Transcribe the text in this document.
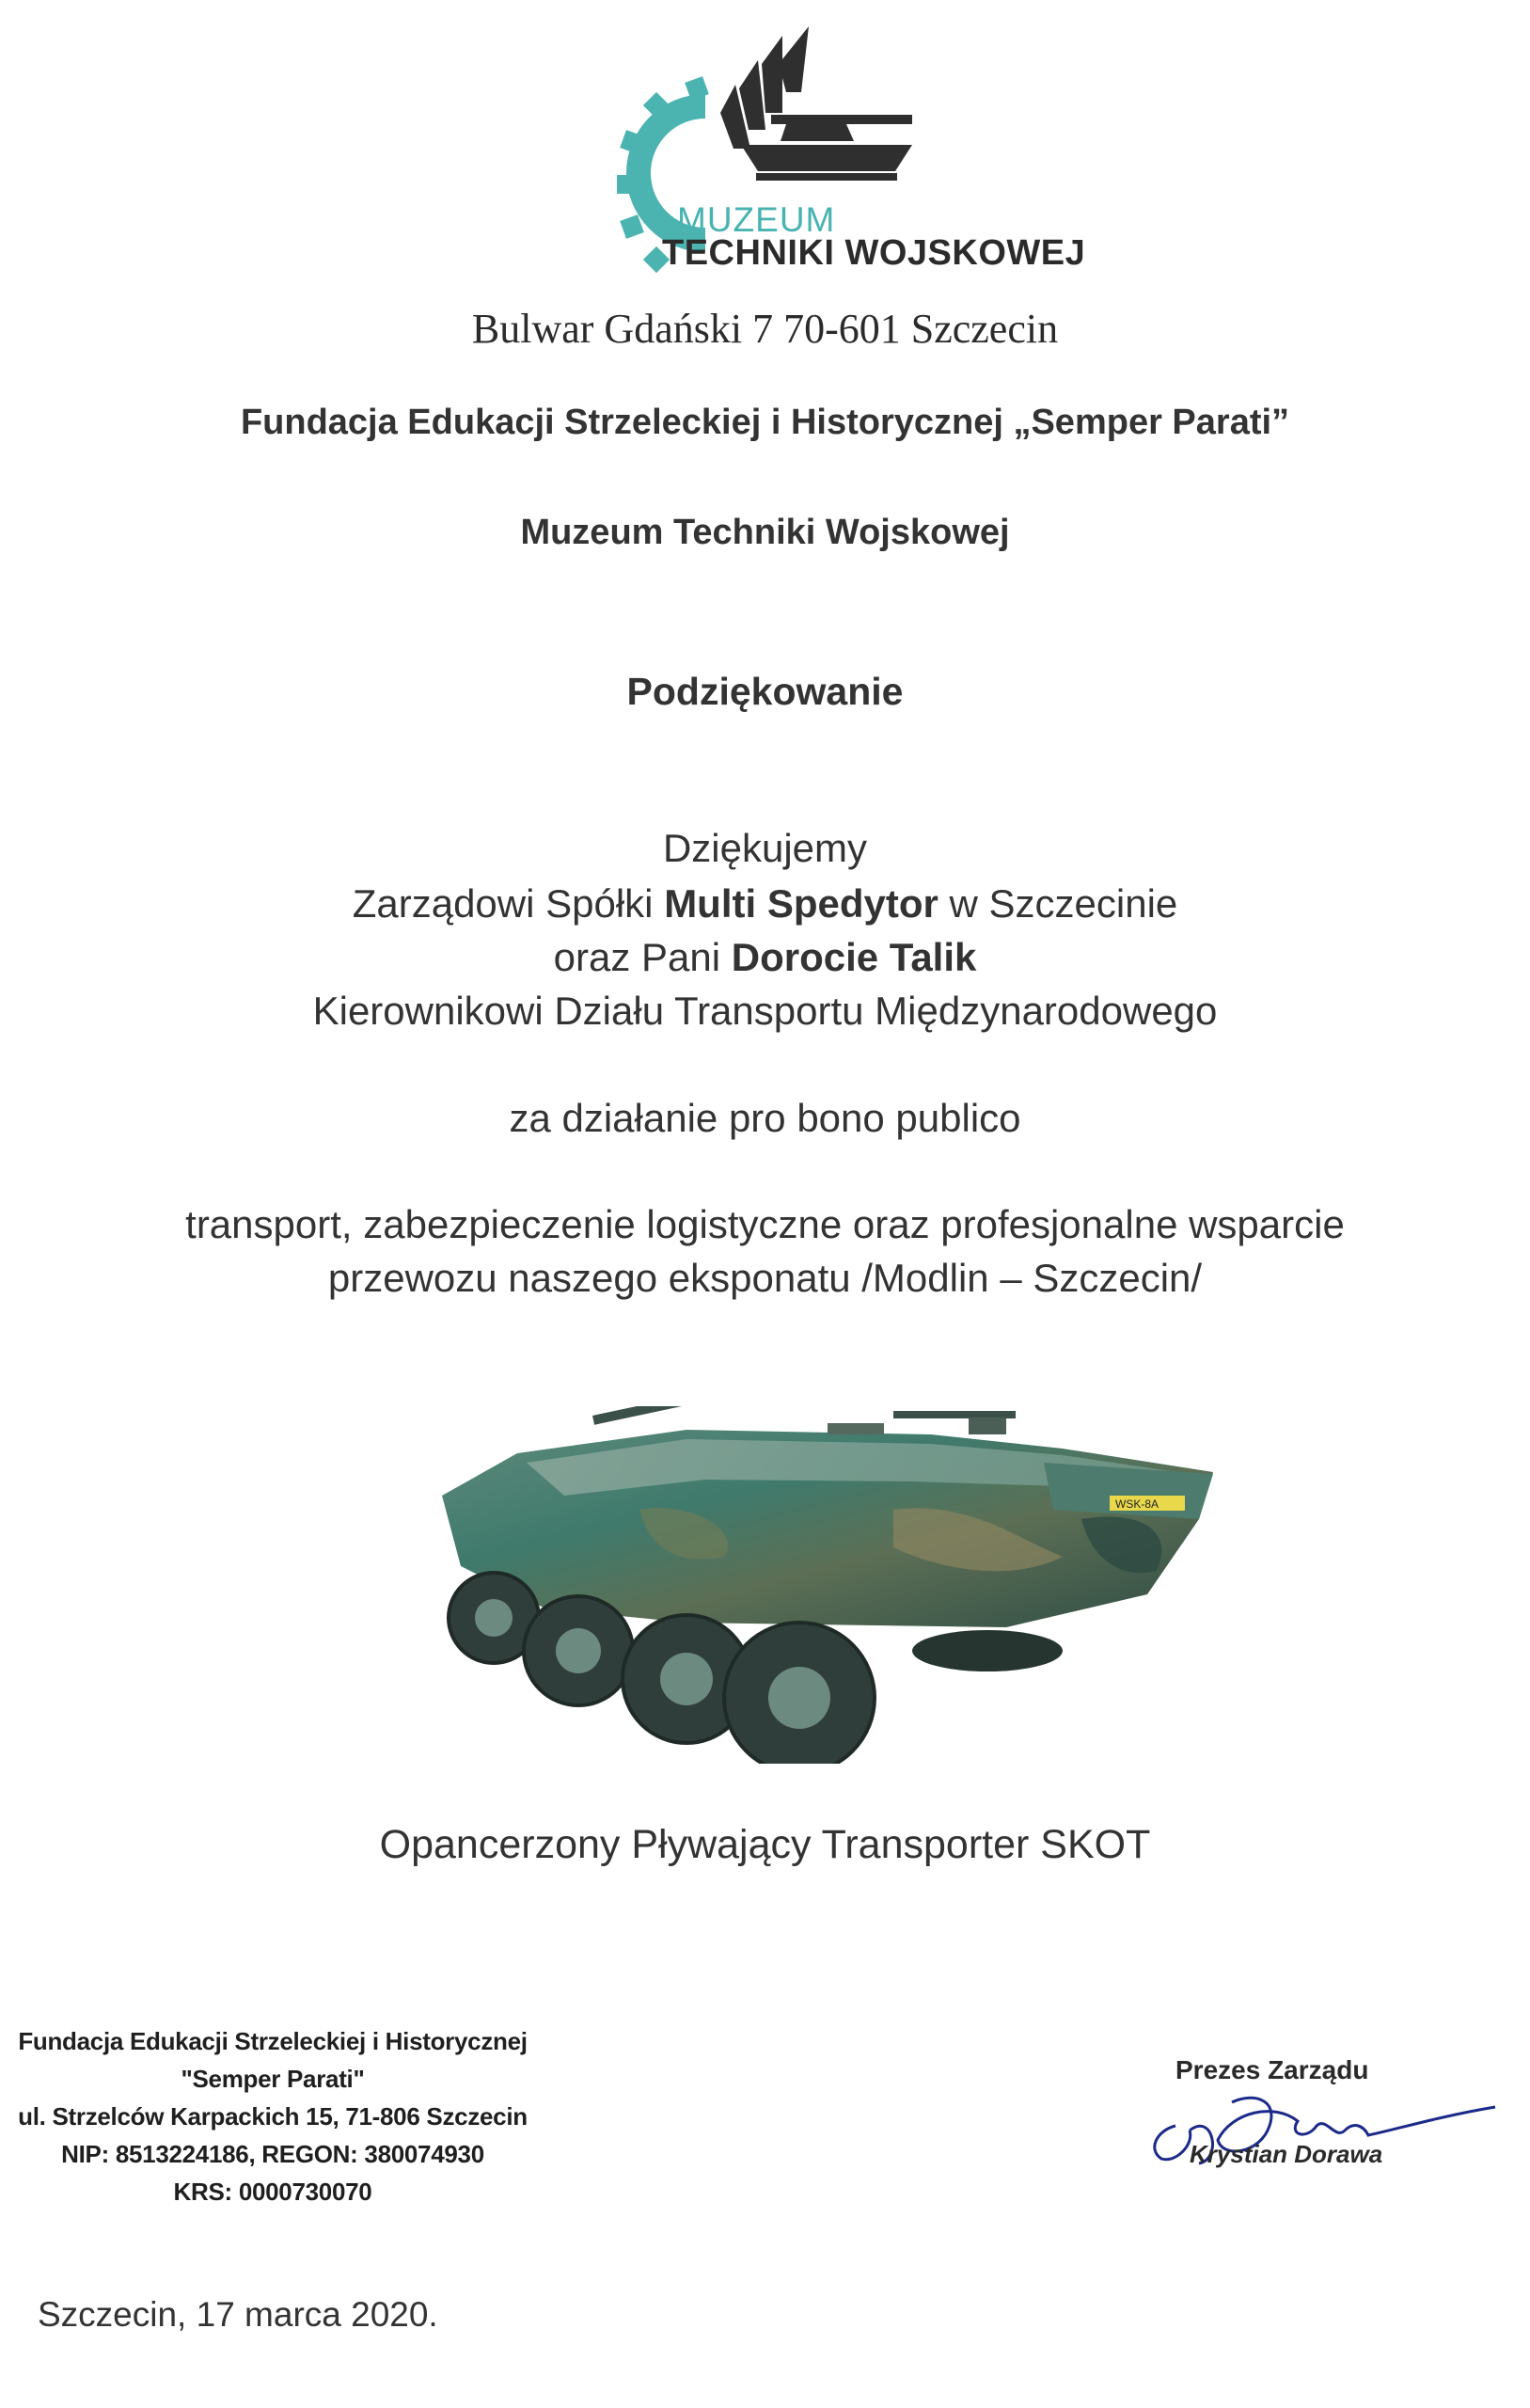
MUZEUM
TECHNIKI WOJSKOWEJ
Bulwar Gdański 7 70-601 Szczecin
Fundacja Edukacji Strzeleckiej i Historycznej „Semper Parati”
Muzeum Techniki Wojskowej
Podziękowanie
Dziękujemy
Zarządowi Spółki Multi Spedytor w Szczecinie
oraz Pani Dorocie Talik
Kierownikowi Działu Transportu Międzynarodowego
za działanie pro bono publico
transport, zabezpieczenie logistyczne oraz profesjonalne wsparcie
przewozu naszego eksponatu /Modlin – Szczecin/
WSK-8A
Opancerzony Pływający Transporter SKOT
Fundacja Edukacji Strzeleckiej i Historycznej
"Semper Parati"
ul. Strzelców Karpackich 15, 71-806 Szczecin
NIP: 8513224186, REGON: 380074930
KRS: 0000730070
Prezes Zarządu
Krystian Dorawa
Szczecin, 17 marca 2020.
